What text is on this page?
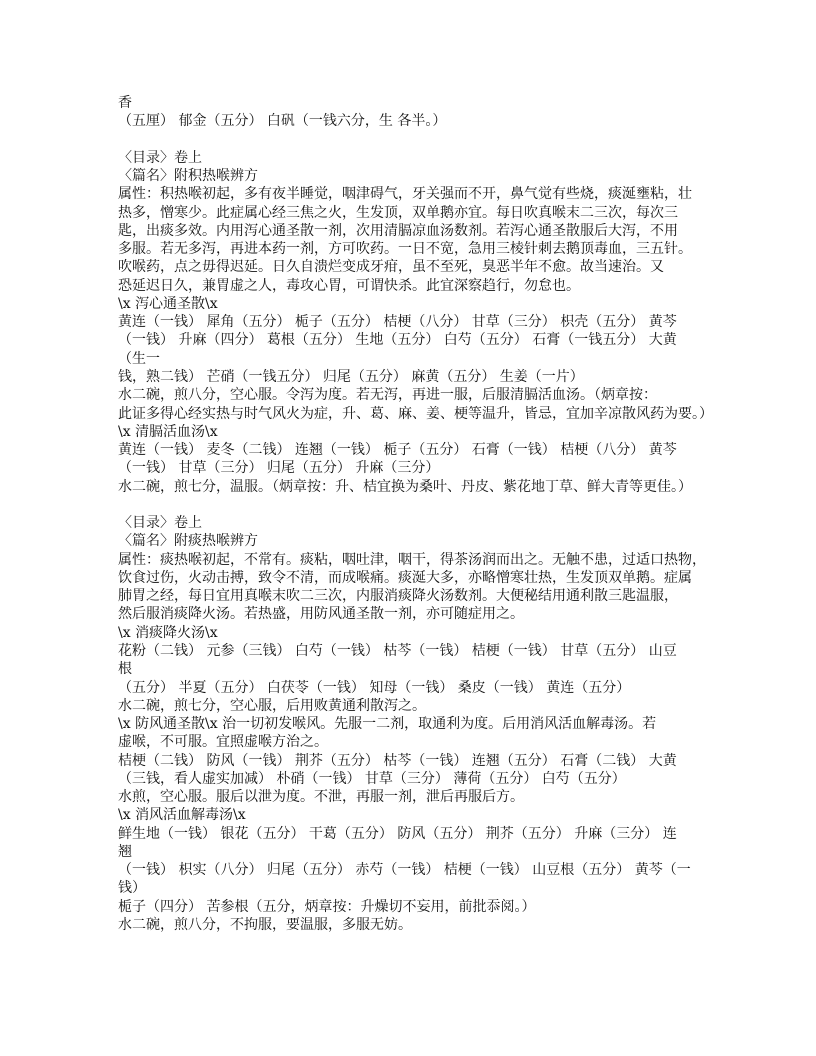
香
（五厘） 郁金（五分） 白矾（一钱六分，生 各半。）
〈目录〉卷上
〈篇名〉附积热喉辨方
属性：积热喉初起，多有夜半睡觉，咽津碍气，牙关强而不开，鼻气觉有些烧，痰涎壅粘，壮
热多，憎寒少。此症属心经三焦之火，生发顶，双单鹅亦宜。每日吹真喉末二三次，每次三
匙，出痰多效。内用泻心通圣散一剂，次用清膈凉血汤数剂。若泻心通圣散服后大泻，不用
多服。若无多泻，再进本药一剂，方可吹药。一日不宽，急用三棱针刺去鹅顶毒血，三五针。
吹喉药，点之毋得迟延。日久自溃烂变成牙疳，虽不至死，臭恶半年不愈。故当速治。又
恐延迟日久，兼胃虚之人，毒攻心胃，可谓快杀。此宜深察趋行，勿怠也。
\x 泻心通圣散\x
黄连（一钱） 犀角（五分） 栀子（五分） 桔梗（八分） 甘草（三分） 枳壳（五分） 黄芩
（一钱） 升麻（四分） 葛根（五分） 生地（五分） 白芍（五分） 石膏（一钱五分） 大黄
（生一
钱，熟二钱） 芒硝（一钱五分） 归尾（五分） 麻黄（五分） 生姜（一片）
水二碗，煎八分，空心服。令泻为度。若无泻，再进一服，后服清膈活血汤。（炳章按：
此证多得心经实热与时气风火为症，升、葛、麻、姜、梗等温升，皆忌，宜加辛凉散风药为要。）
\x 清膈活血汤\x
黄连（一钱） 麦冬（二钱） 连翘（一钱） 栀子（五分） 石膏（一钱） 桔梗（八分） 黄芩
（一钱） 甘草（三分） 归尾（五分） 升麻（三分）
水二碗，煎七分，温服。（炳章按：升、桔宜换为桑叶、丹皮、紫花地丁草、鲜大青等更佳。）
〈目录〉卷上
〈篇名〉附痰热喉辨方
属性：痰热喉初起，不常有。痰粘，咽吐津，咽干，得茶汤润而出之。无触不患，过适口热物，
饮食过伤，火动击搏，致令不清，而成喉痛。痰涎大多，亦略憎寒壮热，生发顶双单鹅。症属
肺胃之经，每日宜用真喉末吹二三次，内服消痰降火汤数剂。大便秘结用通利散三匙温服，
然后服消痰降火汤。若热盛，用防风通圣散一剂，亦可随症用之。
\x 消痰降火汤\x
花粉（二钱） 元参（三钱） 白芍（一钱） 枯芩（一钱） 桔梗（一钱） 甘草（五分） 山豆
根
（五分） 半夏（五分） 白茯苓（一钱） 知母（一钱） 桑皮（一钱） 黄连（五分）
水二碗，煎七分，空心服，后用败黄通利散泻之。
\x 防风通圣散\x 治一切初发喉风。先服一二剂，取通利为度。后用消风活血解毒汤。若
虚喉，不可服。宜照虚喉方治之。
桔梗（二钱） 防风（一钱） 荆芥（五分） 枯芩（一钱） 连翘（五分） 石膏（二钱） 大黄
（三钱，看人虚实加减） 朴硝（一钱） 甘草（三分） 薄荷（五分） 白芍（五分）
水煎，空心服。服后以泄为度。不泄，再服一剂，泄后再服后方。
\x 消风活血解毒汤\x
鲜生地（一钱） 银花（五分） 干葛（五分） 防风（五分） 荆芥（五分） 升麻（三分） 连
翘
（一钱） 枳实（八分） 归尾（五分） 赤芍（一钱） 桔梗（一钱） 山豆根（五分） 黄芩（一
钱）
栀子（四分） 苦参根（五分，炳章按：升燥切不妄用，前批忝阅。）
水二碗，煎八分，不拘服，要温服，多服无妨。
